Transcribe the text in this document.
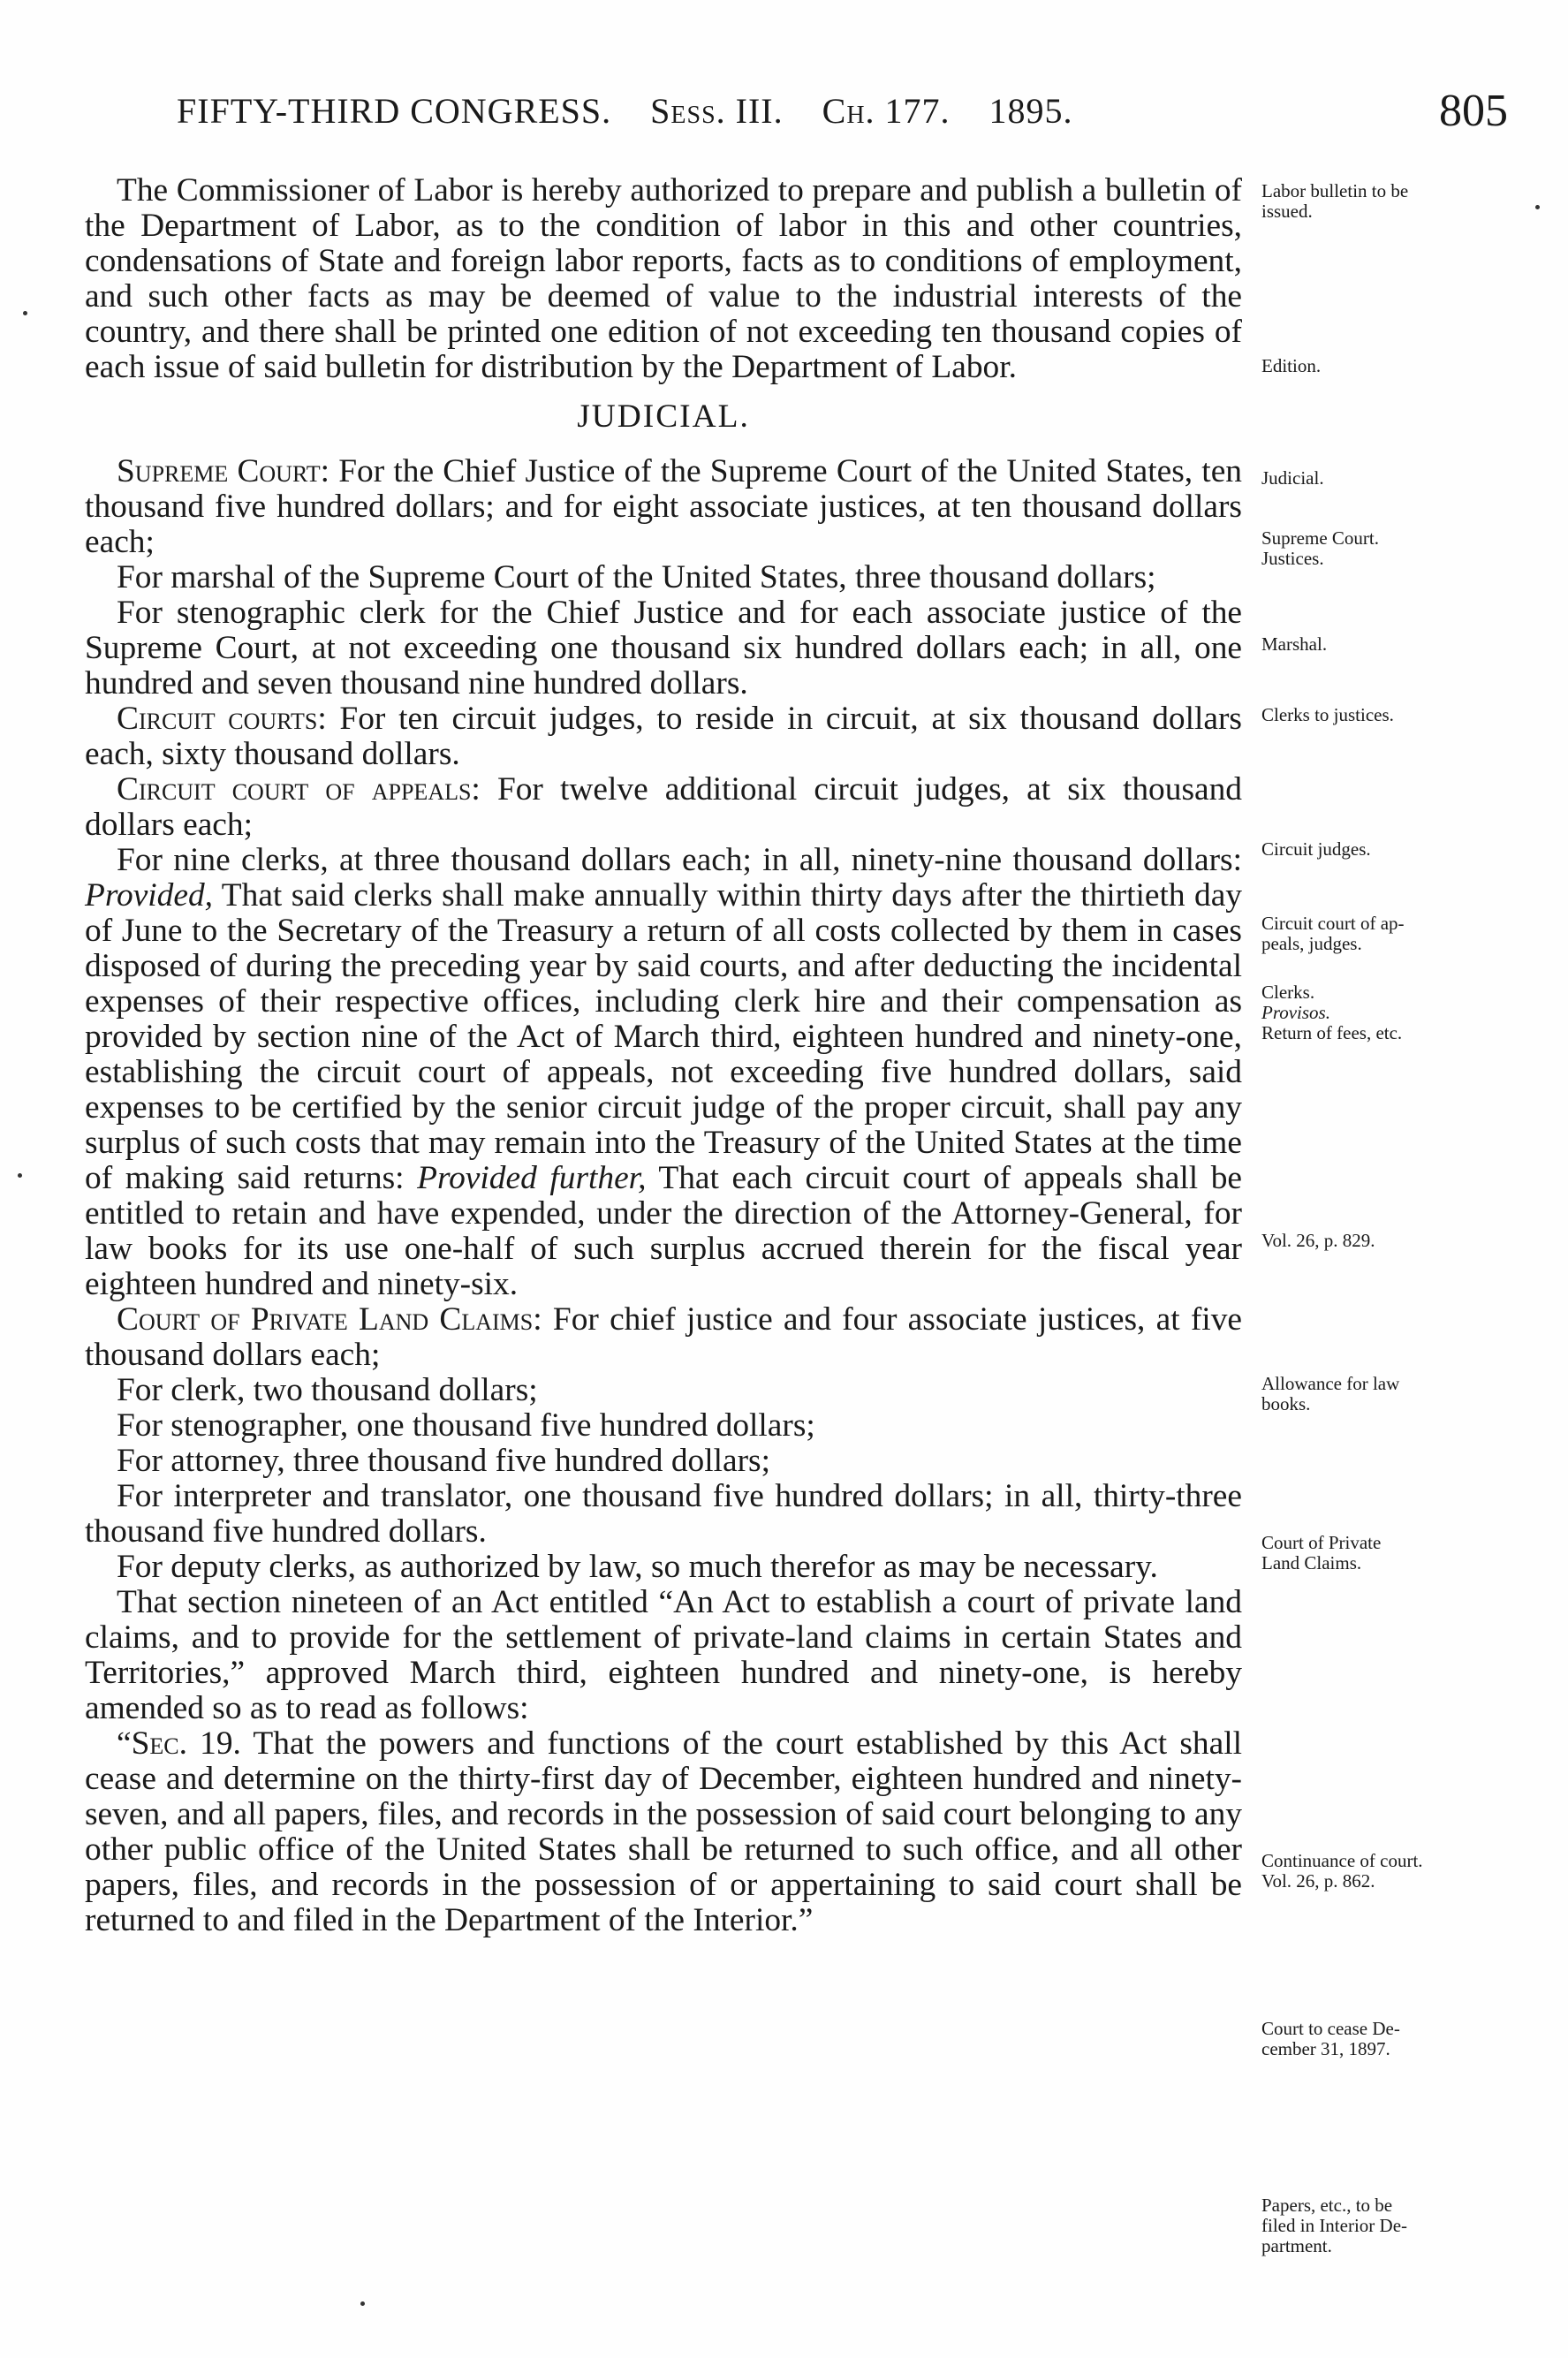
FIFTY-THIRD CONGRESS. Sess. III. Ch. 177. 1895.	805

The Commissioner of Labor is hereby authorized to prepare and publish a bulletin of the Department of Labor, as to the condition of labor in this and other countries, condensations of State and foreign labor reports, facts as to conditions of employment, and such other facts as may be deemed of value to the industrial interests of the country, and there shall be printed one edition of not exceeding ten thousand copies of each issue of said bulletin for distribution by the Department of Labor.

JUDICIAL.

Supreme Court: For the Chief Justice of the Supreme Court of the United States, ten thousand five hundred dollars; and for eight associate justices, at ten thousand dollars each;

For marshal of the Supreme Court of the United States, three thousand dollars;

For stenographic clerk for the Chief Justice and for each associate justice of the Supreme Court, at not exceeding one thousand six hundred dollars each; in all, one hundred and seven thousand nine hundred dollars.

Circuit courts: For ten circuit judges, to reside in circuit, at six thousand dollars each, sixty thousand dollars.

Circuit court of appeals: For twelve additional circuit judges, at six thousand dollars each;

For nine clerks, at three thousand dollars each; in all, ninety-nine thousand dollars: Provided, That said clerks shall make annually within thirty days after the thirtieth day of June to the Secretary of the Treasury a return of all costs collected by them in cases disposed of during the preceding year by said courts, and after deducting the incidental expenses of their respective offices, including clerk hire and their compensation as provided by section nine of the Act of March third, eighteen hundred and ninety-one, establishing the circuit court of appeals, not exceeding five hundred dollars, said expenses to be certified by the senior circuit judge of the proper circuit, shall pay any surplus of such costs that may remain into the Treasury of the United States at the time of making said returns: Provided further, That each circuit court of appeals shall be entitled to retain and have expended, under the direction of the Attorney-General, for law books for its use one-half of such surplus accrued therein for the fiscal year eighteen hundred and ninety-six.

Court of Private Land Claims: For chief justice and four associate justices, at five thousand dollars each;

For clerk, two thousand dollars;

For stenographer, one thousand five hundred dollars;

For attorney, three thousand five hundred dollars;

For interpreter and translator, one thousand five hundred dollars; in all, thirty-three thousand five hundred dollars.

For deputy clerks, as authorized by law, so much therefor as may be necessary.

That section nineteen of an Act entitled “An Act to establish a court of private land claims, and to provide for the settlement of private-land claims in certain States and Territories,” approved March third, eighteen hundred and ninety-one, is hereby amended so as to read as follows:

“Sec. 19. That the powers and functions of the court established by this Act shall cease and determine on the thirty-first day of December, eighteen hundred and ninety-seven, and all papers, files, and records in the possession of said court belonging to any other public office of the United States shall be returned to such office, and all other papers, files, and records in the possession of or appertaining to said court shall be returned to and filed in the Department of the Interior.”

Labor bulletin to be
issued.
Edition.
Judicial.
Supreme Court.
Justices.
Marshal.
Clerks to justices.
Circuit judges.
Circuit court of ap-
peals, judges.
Clerks.
Provisos.
Return of fees, etc.
Vol. 26, p. 829.
Allowance for law
books.
Court of Private
Land Claims.
Continuance of court.
Vol. 26, p. 862.
Court to cease De-
cember 31, 1897.
Papers, etc., to be
filed in Interior De-
partment.
